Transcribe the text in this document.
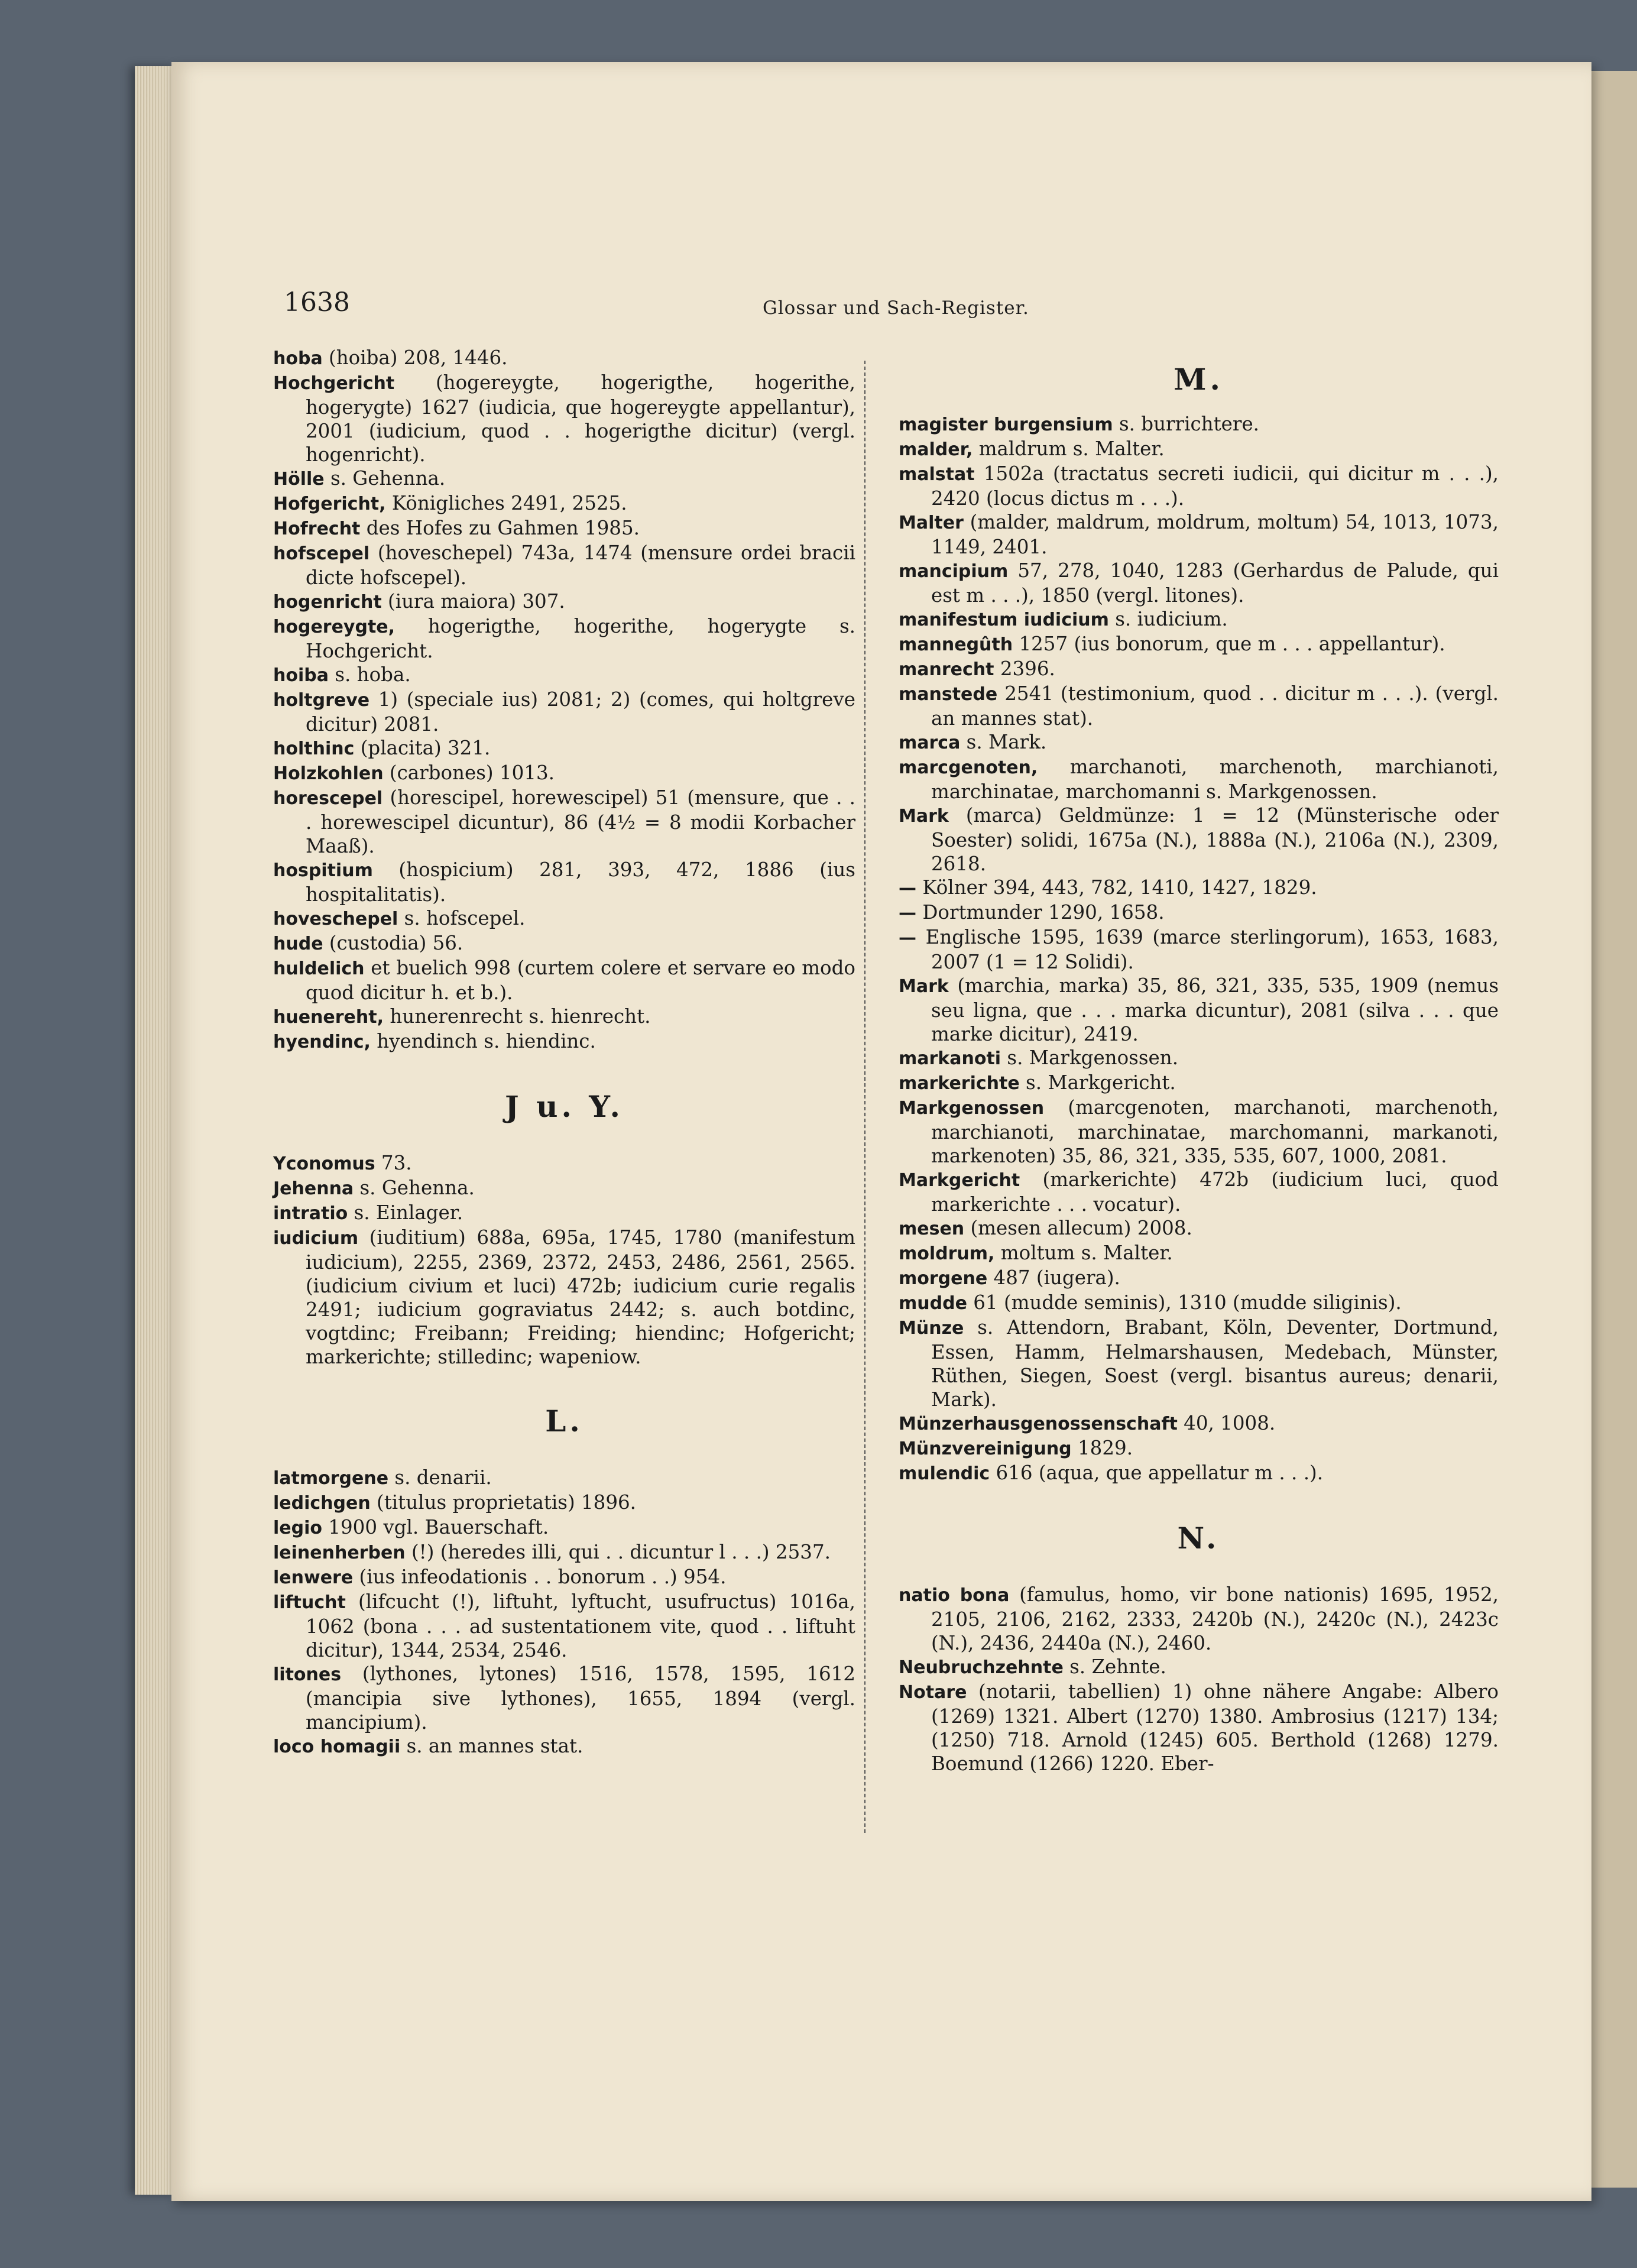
1638	Glossar und Sach-Register.
hoba (hoiba) 208, 1446.
Hochgericht (hogereygte, hogerigthe, hogerithe, hogerygte) 1627 (iudicia, que hogereygte appellantur), 2001 (iudicium, quod . . hogerigthe dicitur) (vergl. hogenricht).
Hölle s. Gehenna.
Hofgericht, Königliches 2491, 2525.
Hofrecht des Hofes zu Gahmen 1985.
hofscepel (hoveschepel) 743a, 1474 (mensure ordei bracii dicte hofscepel).
hogenricht (iura maiora) 307.
hogereygte, hogerigthe, hogerithe, hogerygte s. Hochgericht.
hoiba s. hoba.
holtgreve 1) (speciale ius) 2081; 2) (comes, qui holtgreve dicitur) 2081.
holthinc (placita) 321.
Holzkohlen (carbones) 1013.
horescepel (horescipel, horewescipel) 51 (mensure, que . . . horewescipel dicuntur), 86 (4½ = 8 modii Korbacher Maaß).
hospitium (hospicium) 281, 393, 472, 1886 (ius hospitalitatis).
hoveschepel s. hofscepel.
hude (custodia) 56.
huldelich et buelich 998 (curtem colere et servare eo modo quod dicitur h. et b.).
huenereht, hunerenrecht s. hienrecht.
hyendinc, hyendinch s. hiendinc.
J u. Y.
Yconomus 73.
Jehenna s. Gehenna.
intratio s. Einlager.
iudicium (iuditium) 688a, 695a, 1745, 1780 (manifestum iudicium), 2255, 2369, 2372, 2453, 2486, 2561, 2565. (iudicium civium et luci) 472b; iudicium curie regalis 2491; iudicium gograviatus 2442; s. auch botdinc, vogtdinc; Freibann; Freiding; hiendinc; Hofgericht; markerichte; stilledinc; wapeniow.
L.
latmorgene s. denarii.
ledichgen (titulus proprietatis) 1896.
legio 1900 vgl. Bauerschaft.
leinenherben (!) (heredes illi, qui . . dicuntur l . . .) 2537.
lenwere (ius infeodationis . . bonorum . .) 954.
liftucht (lifcucht (!), liftuht, lyftucht, usufructus) 1016a, 1062 (bona . . . ad sustentationem vite, quod . . liftuht dicitur), 1344, 2534, 2546.
litones (lythones, lytones) 1516, 1578, 1595, 1612 (mancipia sive lythones), 1655, 1894 (vergl. mancipium).
loco homagii s. an mannes stat.
M.
magister burgensium s. burrichtere.
malder, maldrum s. Malter.
malstat 1502a (tractatus secreti iudicii, qui dicitur m . . .), 2420 (locus dictus m . . .).
Malter (malder, maldrum, moldrum, moltum) 54, 1013, 1073, 1149, 2401.
mancipium 57, 278, 1040, 1283 (Gerhardus de Palude, qui est m . . .), 1850 (vergl. litones).
manifestum iudicium s. iudicium.
mannegûth 1257 (ius bonorum, que m . . . appellantur).
manrecht 2396.
manstede 2541 (testimonium, quod . . dicitur m . . .). (vergl. an mannes stat).
marca s. Mark.
marcgenoten, marchanoti, marchenoth, marchianoti, marchinatae, marchomanni s. Markgenossen.
Mark (marca) Geldmünze: 1 = 12 (Münsterische oder Soester) solidi, 1675a (N.), 1888a (N.), 2106a (N.), 2309, 2618.
— Kölner 394, 443, 782, 1410, 1427, 1829.
— Dortmunder 1290, 1658.
— Englische 1595, 1639 (marce sterlingorum), 1653, 1683, 2007 (1 = 12 Solidi).
Mark (marchia, marka) 35, 86, 321, 335, 535, 1909 (nemus seu ligna, que . . . marka dicuntur), 2081 (silva . . . que marke dicitur), 2419.
markanoti s. Markgenossen.
markerichte s. Markgericht.
Markgenossen (marcgenoten, marchanoti, marchenoth, marchianoti, marchinatae, marchomanni, markanoti, markenoten) 35, 86, 321, 335, 535, 607, 1000, 2081.
Markgericht (markerichte) 472b (iudicium luci, quod markerichte . . . vocatur).
mesen (mesen allecum) 2008.
moldrum, moltum s. Malter.
morgene 487 (iugera).
mudde 61 (mudde seminis), 1310 (mudde siliginis).
Münze s. Attendorn, Brabant, Köln, Deventer, Dortmund, Essen, Hamm, Helmarshausen, Medebach, Münster, Rüthen, Siegen, Soest (vergl. bisantus aureus; denarii, Mark).
Münzerhausgenossenschaft 40, 1008.
Münzvereinigung 1829.
mulendic 616 (aqua, que appellatur m . . .).
N.
natio bona (famulus, homo, vir bone nationis) 1695, 1952, 2105, 2106, 2162, 2333, 2420b (N.), 2420c (N.), 2423c (N.), 2436, 2440a (N.), 2460.
Neubruchzehnte s. Zehnte.
Notare (notarii, tabellien) 1) ohne nähere Angabe: Albero (1269) 1321. Albert (1270) 1380. Ambrosius (1217) 134; (1250) 718. Arnold (1245) 605. Berthold (1268) 1279. Boemund (1266) 1220. Eber-
